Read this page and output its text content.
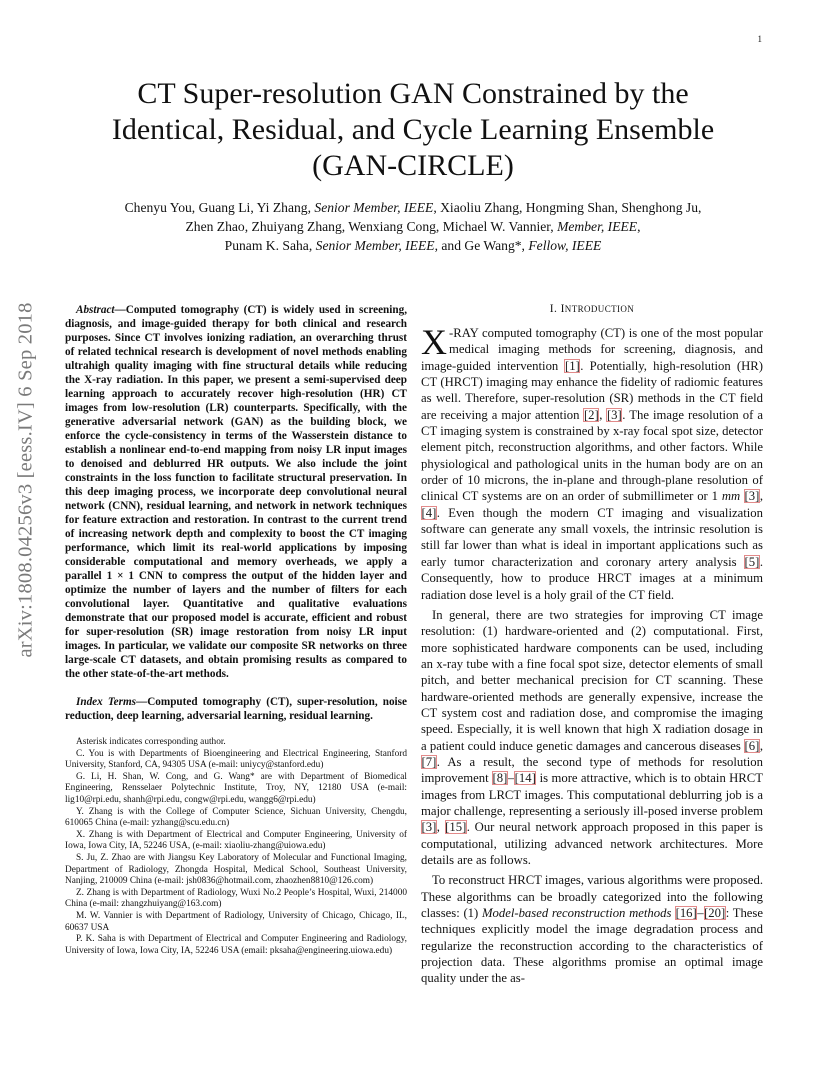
1
arXiv:1808.04256v3 [eess.IV] 6 Sep 2018
CT Super-resolution GAN Constrained by the
Identical, Residual, and Cycle Learning Ensemble
(GAN-CIRCLE)
Chenyu You, Guang Li, Yi Zhang, Senior Member, IEEE, Xiaoliu Zhang, Hongming Shan, Shenghong Ju,
Zhen Zhao, Zhuiyang Zhang, Wenxiang Cong, Michael W. Vannier, Member, IEEE,
Punam K. Saha, Senior Member, IEEE, and Ge Wang*, Fellow, IEEE

Abstract—Computed tomography (CT) is widely used in screening, diagnosis, and image-guided therapy for both clinical and research purposes. Since CT involves ionizing radiation, an overarching thrust of related technical research is development of novel methods enabling ultrahigh quality imaging with fine structural details while reducing the X-ray radiation. In this paper, we present a semi-supervised deep learning approach to accurately recover high-resolution (HR) CT images from low-resolution (LR) counterparts. Specifically, with the generative adversarial network (GAN) as the building block, we enforce the cycle-consistency in terms of the Wasserstein distance to establish a nonlinear end-to-end mapping from noisy LR input images to denoised and deblurred HR outputs. We also include the joint constraints in the loss function to facilitate structural preservation. In this deep imaging process, we incorporate deep convolutional neural network (CNN), residual learning, and network in network techniques for feature extraction and restoration. In contrast to the current trend of increasing network depth and complexity to boost the CT imaging performance, which limit its real-world applications by imposing considerable computational and memory overheads, we apply a parallel 1 × 1 CNN to compress the output of the hidden layer and optimize the number of layers and the number of filters for each convolutional layer. Quantitative and qualitative evaluations demonstrate that our proposed model is accurate, efficient and robust for super-resolution (SR) image restoration from noisy LR input images. In particular, we validate our composite SR networks on three large-scale CT datasets, and obtain promising results as compared to the other state-of-the-art methods.

Index Terms—Computed tomography (CT), super-resolution, noise reduction, deep learning, adversarial learning, residual learning.

Asterisk indicates corresponding author.

C. You is with Departments of Bioengineering and Electrical Engineering, Stanford University, Stanford, CA, 94305 USA (e-mail: uniycy@stanford.edu)

G. Li, H. Shan, W. Cong, and G. Wang* are with Department of Biomedical Engineering, Rensselaer Polytechnic Institute, Troy, NY, 12180 USA (e-mail: lig10@rpi.edu, shanh@rpi.edu, congw@rpi.edu, wangg6@rpi.edu)

Y. Zhang is with the College of Computer Science, Sichuan University, Chengdu, 610065 China (e-mail: yzhang@scu.edu.cn)

X. Zhang is with Department of Electrical and Computer Engineering, University of Iowa, Iowa City, IA, 52246 USA, (e-mail: xiaoliu-zhang@uiowa.edu)

S. Ju, Z. Zhao are with Jiangsu Key Laboratory of Molecular and Functional Imaging, Department of Radiology, Zhongda Hospital, Medical School, Southeast University, Nanjing, 210009 China (e-mail: jsh0836@hotmail.com, zhaozhen8810@126.com)

Z. Zhang is with Department of Radiology, Wuxi No.2 People’s Hospital, Wuxi, 214000 China (e-mail: zhangzhuiyang@163.com)

M. W. Vannier is with Department of Radiology, University of Chicago, Chicago, IL, 60637 USA

P. K. Saha is with Department of Electrical and Computer Engineering and Radiology, University of Iowa, Iowa City, IA, 52246 USA (email: pksaha@engineering.uiowa.edu)

I. INTRODUCTION

X -RAY computed tomography (CT) is one of the most popular medical imaging methods for screening, diagnosis, and image-guided intervention [1]. Potentially, high-resolution (HR) CT (HRCT) imaging may enhance the fidelity of radiomic features as well. Therefore, super-resolution (SR) methods in the CT field are receiving a major attention [2], [3]. The image resolution of a CT imaging system is constrained by x-ray focal spot size, detector element pitch, reconstruction algorithms, and other factors. While physiological and pathological units in the human body are on an order of 10 microns, the in-plane and through-plane resolution of clinical CT systems are on an order of submillimeter or 1 mm [3], [4]. Even though the modern CT imaging and visualization software can generate any small voxels, the intrinsic resolution is still far lower than what is ideal in important applications such as early tumor characterization and coronary artery analysis [5]. Consequently, how to produce HRCT images at a minimum radiation dose level is a holy grail of the CT field.

In general, there are two strategies for improving CT image resolution: (1) hardware-oriented and (2) computational. First, more sophisticated hardware components can be used, including an x-ray tube with a fine focal spot size, detector elements of small pitch, and better mechanical precision for CT scanning. These hardware-oriented methods are generally expensive, increase the CT system cost and radiation dose, and compromise the imaging speed. Especially, it is well known that high X radiation dosage in a patient could induce genetic damages and cancerous diseases [6], [7]. As a result, the second type of methods for resolution improvement [8]–[14] is more attractive, which is to obtain HRCT images from LRCT images. This computational deblurring job is a major challenge, representing a seriously ill-posed inverse problem [3], [15]. Our neural network approach proposed in this paper is computational, utilizing advanced network architectures. More details are as follows.

To reconstruct HRCT images, various algorithms were proposed. These algorithms can be broadly categorized into the following classes: (1) Model-based reconstruction methods [16]–[20]: These techniques explicitly model the image degradation process and regularize the reconstruction according to the characteristics of projection data. These algorithms promise an optimal image quality under the as-
